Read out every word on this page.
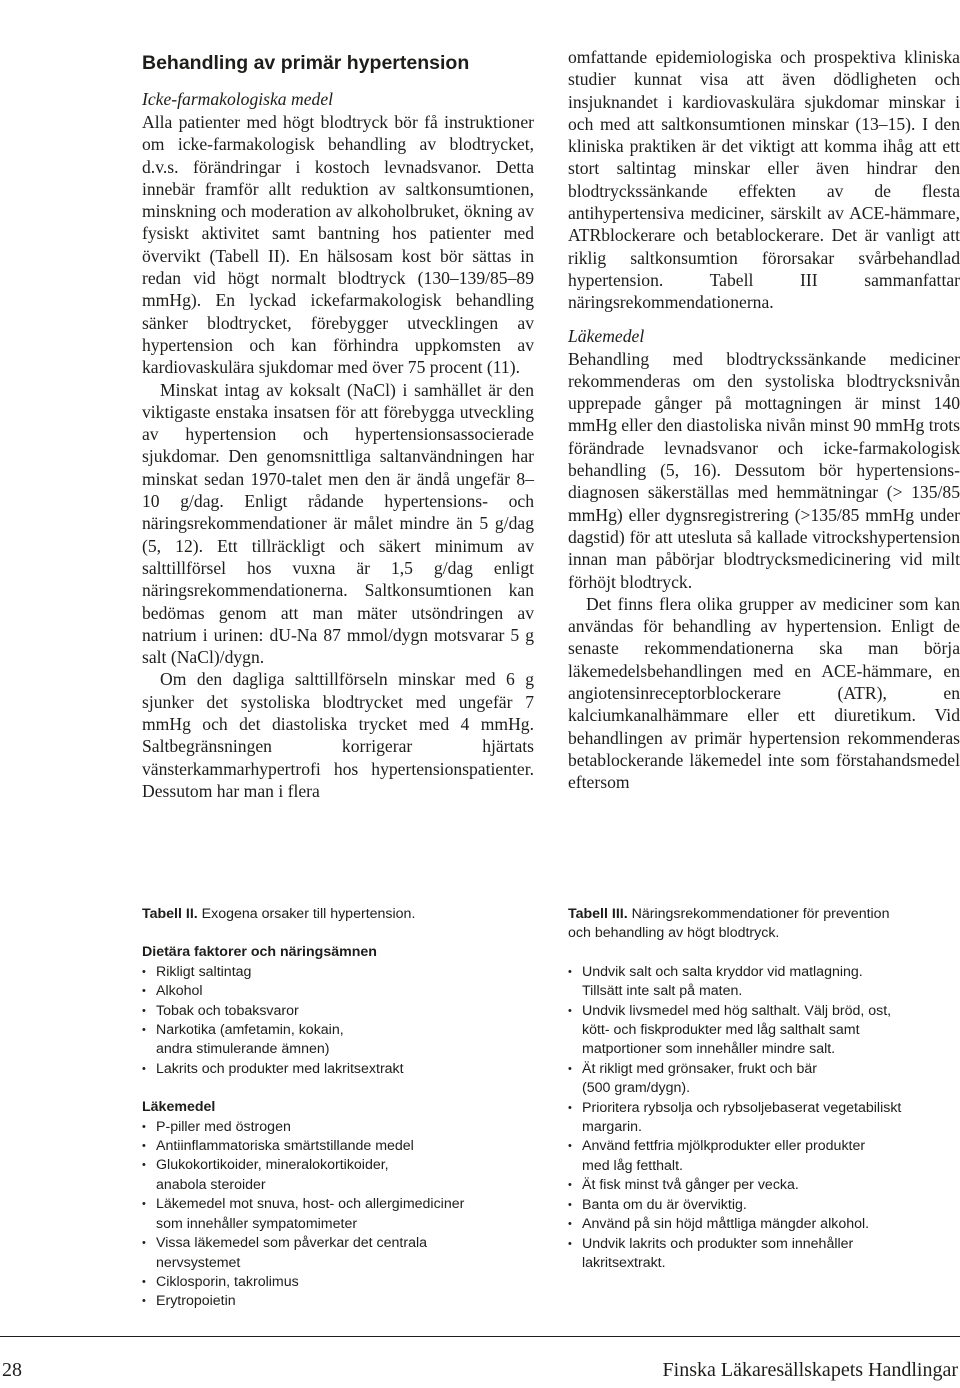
Behandling av primär hypertension
Icke-farmakologiska medel

Alla patienter med högt blodtryck bör få instruktioner om icke-farmakologisk behandling av blodtrycket, d.v.s. förändringar i kostoch levnadsvanor. Detta innebär framför allt reduktion av saltkonsumtionen, minskning och moderation av alkoholbruket, ökning av fysiskt aktivitet samt bantning hos patienter med övervikt (Tabell II). En hälsosam kost bör sättas in redan vid högt normalt blodtryck (130–139/85–89 mmHg). En lyckad ickefarmakologisk behandling sänker blodtrycket, förebygger utvecklingen av hypertension och kan förhindra uppkomsten av kardiovaskulära sjukdomar med över 75 procent (11).

Minskat intag av koksalt (NaCl) i samhället är den viktigaste enstaka insatsen för att förebygga utveckling av hypertension och hypertensionsassocierade sjukdomar. Den genomsnittliga saltanvändningen har minskat sedan 1970-talet men den är ändå ungefär 8–10 g/dag. Enligt rådande hypertensions- och näringsrekommendationer är målet mindre än 5 g/dag (5, 12). Ett tillräckligt och säkert minimum av salttillförsel hos vuxna är 1,5 g/dag enligt näringsrekommendationerna. Saltkonsumtionen kan bedömas genom att man mäter utsöndringen av natrium i urinen: dU-Na 87 mmol/dygn motsvarar 5 g salt (NaCl)/dygn.

Om den dagliga salttillförseln minskar med 6 g sjunker det systoliska blodtrycket med ungefär 7 mmHg och det diastoliska trycket med 4 mmHg. Saltbegränsningen korrigerar hjärtats vänsterkammarhypertrofi hos hypertensionspatienter. Dessutom har man i flera

omfattande epidemiologiska och prospektiva kliniska studier kunnat visa att även dödligheten och insjuknandet i kardiovaskulära sjukdomar minskar i och med att saltkonsumtionen minskar (13–15). I den kliniska praktiken är det viktigt att komma ihåg att ett stort saltintag minskar eller även hindrar den blodtryckssänkande effekten av de flesta antihypertensiva mediciner, särskilt av ACE-hämmare, ATRblockerare och betablockerare. Det är vanligt att riklig saltkonsumtion förorsakar svårbehandlad hypertension. Tabell III sammanfattar näringsrekommendationerna.

Läkemedel

Behandling med blodtryckssänkande mediciner rekommenderas om den systoliska blodtrycksnivån upprepade gånger på mottagningen är minst 140 mmHg eller den diastoliska nivån minst 90 mmHg trots förändrade levnadsvanor och icke-farmakologisk behandling (5, 16). Dessutom bör hypertensionsdiagnosen säkerställas med hemmätningar (> 135/85 mmHg) eller dygnsregistrering (>135/85 mmHg under dagstid) för att utesluta så kallade vitrockshypertension innan man påbörjar blodtrycksmedicinering vid milt förhöjt blodtryck.

Det finns flera olika grupper av mediciner som kan användas för behandling av hypertension. Enligt de senaste rekommendationerna ska man börja läkemedelsbehandlingen med en ACE-hämmare, en angiotensinreceptorblockerare (ATR), en kalciumkanalhämmare eller ett diuretikum. Vid behandlingen av primär hypertension rekommenderas betablockerande läkemedel inte som förstahandsmedel eftersom

Tabell II. Exogena orsaker till hypertension.
Dietära faktorer och näringsämnen
• Rikligt saltintag
• Alkohol
• Tobak och tobaksvaror
• Narkotika (amfetamin, kokain,
andra stimulerande ämnen)
• Lakrits och produkter med lakritsextrakt
Läkemedel
• P-piller med östrogen
• Antiinflammatoriska smärtstillande medel
• Glukokortikoider, mineralokortikoider,
anabola steroider
• Läkemedel mot snuva, host- och allergimediciner
som innehåller sympatomimeter
• Vissa läkemedel som påverkar det centrala
nervsystemet
• Ciklosporin, takrolimus
• Erytropoietin
Tabell III. Näringsrekommendationer för prevention
och behandling av högt blodtryck.
• Undvik salt och salta kryddor vid matlagning.
Tillsätt inte salt på maten.
• Undvik livsmedel med hög salthalt. Välj bröd, ost,
kött- och fiskprodukter med låg salthalt samt
matportioner som innehåller mindre salt.
• Ät rikligt med grönsaker, frukt och bär
(500 gram/dygn).
• Prioritera rybsolja och rybsoljebaserat vegetabiliskt
margarin.
• Använd fettfria mjölkprodukter eller produkter
med låg fetthalt.
• Ät fisk minst två gånger per vecka.
• Banta om du är överviktig.
• Använd på sin höjd måttliga mängder alkohol.
• Undvik lakrits och produkter som innehåller
lakritsextrakt.
28	Finska Läkaresällskapets Handlingar
